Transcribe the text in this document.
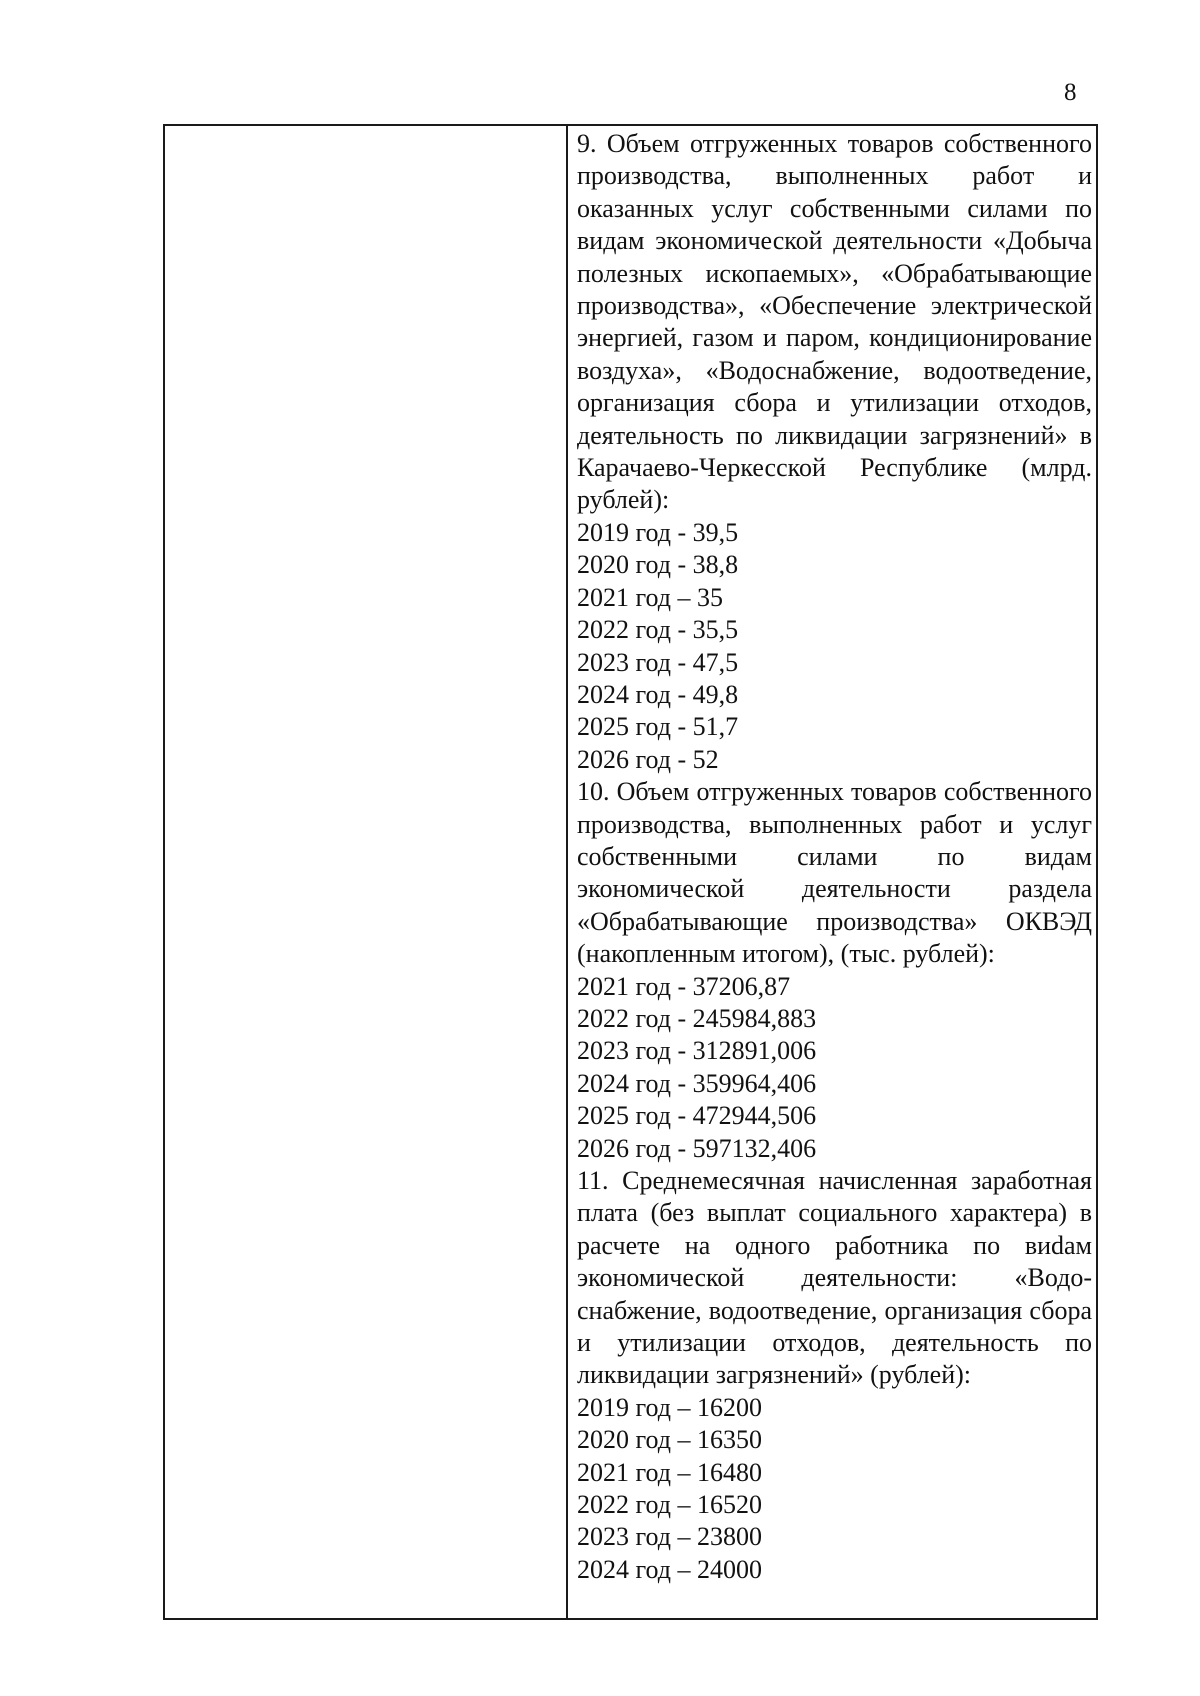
8
9. Объем отгруженных товаров собственного производства, выполненных работ и оказанных услуг собственными силами по видам экономической деятельности «Добыча полезных ископаемых», «Обрабатывающие производства», «Обеспечение электрической энергией, газом и паром, кондиционирование воздуха», «Водоснабжение, водоотведение, организация сбора и утилизации отходов, деятельность по ликвидации загрязнений» в Карачаево-Черкесской Республике (млрд. рублей):
2019 год - 39,5
2020 год - 38,8
2021 год – 35
2022 год - 35,5
2023 год - 47,5
2024 год - 49,8
2025 год - 51,7
2026 год - 52
10. Объем отгруженных товаров собственного производства, выполненных работ и услуг собственными силами по видам экономической деятельности раздела «Обрабатывающие производства» ОКВЭД (накопленным итогом), (тыс. рублей):
2021 год - 37206,87
2022 год - 245984,883
2023 год - 312891,006
2024 год - 359964,406
2025 год - 472944,506
2026 год - 597132,406
11. Среднемесячная начисленная заработная плата (без выплат социального характера) в расчете на одного работника по виdам экономической деятельности: «Водоснабжение, водоотведение, организация сбора и утилизации отходов, деятельность по ликвидации загрязнений» (рублей):
2019 год – 16200
2020 год – 16350
2021 год – 16480
2022 год – 16520
2023 год – 23800
2024 год – 24000
